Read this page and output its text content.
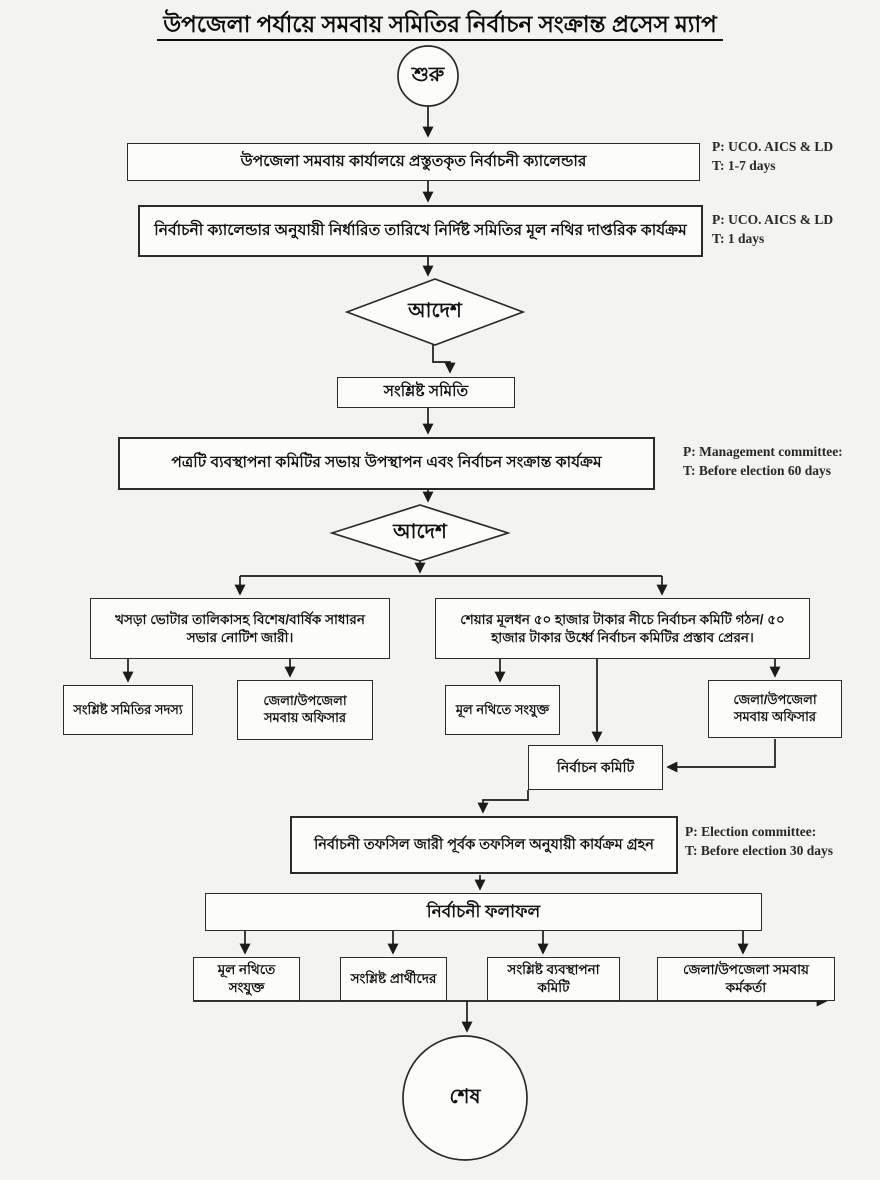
উপজেলা পর্যায়ে সমবায় সমিতির নির্বাচন সংক্রান্ত প্রসেস ম্যাপ
শুরু
আদেশ
আদেশ
শেষ
উপজেলা সমবায় কার্যালয়ে প্রস্তুতকৃত নির্বাচনী ক্যালেন্ডার
নির্বাচনী ক্যালেন্ডার অনুযায়ী নির্ধারিত তারিখে নির্দিষ্ট সমিতির মূল নথির দাপ্তরিক কার্যক্রম
সংশ্লিষ্ট সমিতি
পত্রটি ব্যবস্থাপনা কমিটির সভায় উপস্থাপন এবং নির্বাচন সংক্রান্ত কার্যক্রম
খসড়া ভোটার তালিকাসহ বিশেষ/বার্ষিক সাধারন সভার নোটিশ জারী।
শেয়ার মূলধন ৫০ হাজার টাকার নীচে নির্বাচন কমিটি গঠন/ ৫০ হাজার টাকার উর্ধ্বে নির্বাচন কমিটির প্রস্তাব প্রেরন।
সংশ্লিষ্ট সমিতির সদস্য
জেলা/উপজেলা সমবায় অফিসার
মূল নথিতে সংযুক্ত
জেলা/উপজেলা সমবায় অফিসার
নির্বাচন কমিটি
নির্বাচনী তফসিল জারী পূর্বক তফসিল অনুযায়ী কার্যক্রম গ্রহন
নির্বাচনী ফলাফল
মূল নথিতে সংযুক্ত
সংশ্লিষ্ট প্রার্থীদের
সংশ্লিষ্ট ব্যবস্থাপনা কমিটি
জেলা/উপজেলা সমবায় কর্মকর্তা
P: UCO. AICS & LD
T: 1-7 days
P: UCO. AICS & LD
T: 1 days
P: Management committee:
T: Before election 60 days
P: Election committee:
T: Before election 30 days
